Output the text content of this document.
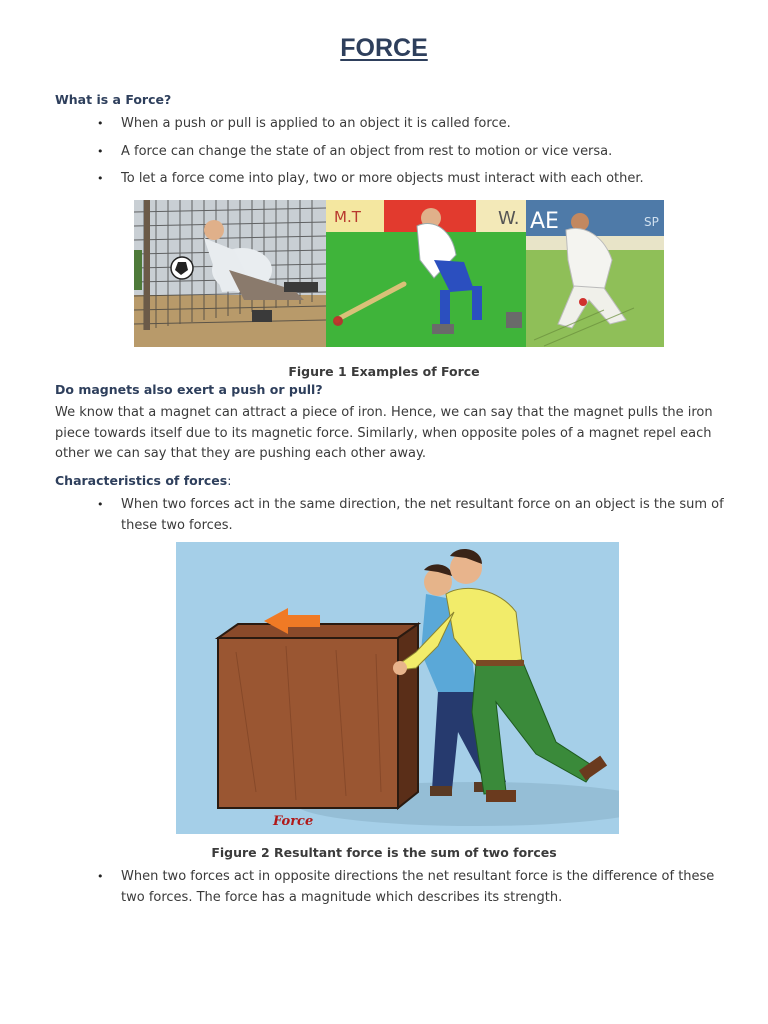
FORCE
What is a Force?
• When a push or pull is applied to an object it is called force.
• A force can change the state of an object from rest to motion or vice versa.
• To let a force come into play, two or more objects must interact with each other.
M.T	W. AE	SP
Figure 1 Examples of Force
Do magnets also exert a push or pull?
We know that a magnet can attract a piece of iron. Hence, we can say that the magnet pulls the iron piece towards itself due to its magnetic force. Similarly, when opposite poles of a magnet repel each other we can say that they are pushing each other away.
Characteristics of forces:
• When two forces act in the same direction, the net resultant force on an object is the sum of these two forces.
Force
Figure 2 Resultant force is the sum of two forces
• When two forces act in opposite directions the net resultant force is the difference of these two forces. The force has a magnitude which describes its strength.
